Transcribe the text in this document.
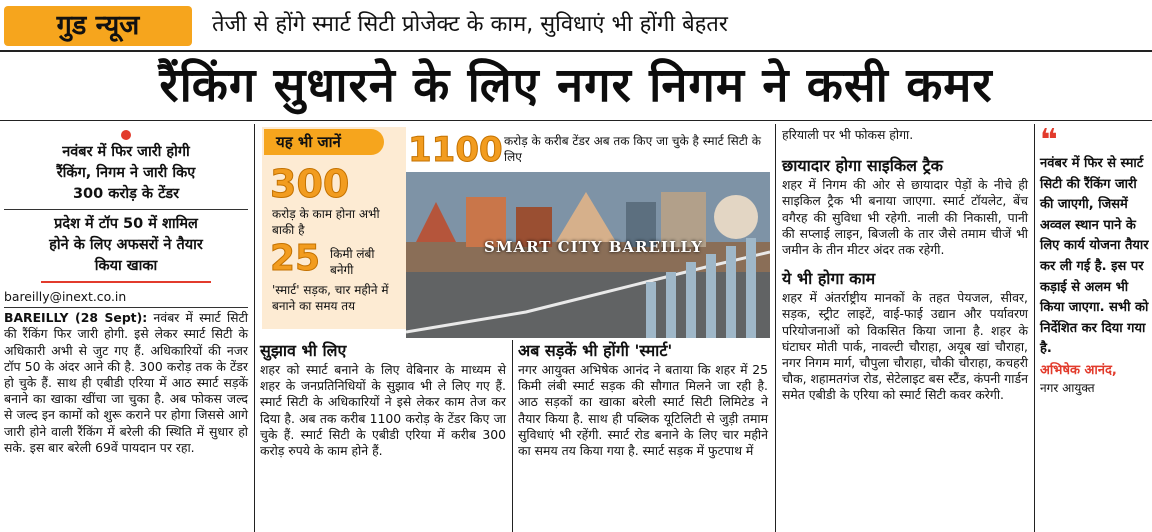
गुड न्यूज	तेजी से होंगे स्मार्ट सिटी प्रोजेक्ट के काम, सुविधाएं भी होंगी बेहतर
रैंकिंग सुधारने के लिए नगर निगम ने कसी कमर
नवंबर में फिर जारी होगी
रैंकिंग, निगम ने जारी किए
300 करोड़ के टेंडर
प्रदेश में टॉप 50 में शामिल
होने के लिए अफसरों ने तैयार
किया खाका
bareilly@inext.co.in
BAREILLY (28 Sept): नवंबर में स्मार्ट सिटी की रैंकिंग फिर जारी होगी. इसे लेकर स्मार्ट सिटी के अधिकारी अभी से जुट गए हैं. अधिकारियों की नजर टॉप 50 के अंदर आने की है. 300 करोड़ तक के टेंडर हो चुके हैं. साथ ही एबीडी एरिया में आठ स्मार्ट सड़कें बनाने का खाका खींचा जा चुका है. अब फोकस जल्द से जल्द इन कामों को शुरू कराने पर होगा जिससे आगे जारी होने वाली रैंकिंग में बरेली की स्थिति में सुधार हो सके. इस बार बरेली 69वें पायदान पर रहा.
यह भी जानें
300
करोड़ के काम होना अभी बाकी है
25 किमी लंबी बनेगी
'स्मार्ट' सड़क, चार महीने में बनाने का समय तय
1100 करोड़ के करीब टेंडर अब तक किए जा चुके है स्मार्ट सिटी के लिए
SMART CITY BAREILLY
सुझाव भी लिए
शहर को स्मार्ट बनाने के लिए वेबिनार के माध्यम से शहर के जनप्रतिनिधियों के सुझाव भी ले लिए गए हैं. स्मार्ट सिटी के अधिकारियों ने इसे लेकर काम तेज कर दिया है. अब तक करीब 1100 करोड़ के टेंडर किए जा चुके हैं. स्मार्ट सिटी के एबीडी एरिया में करीब 300 करोड़ रुपये के काम होने हैं.
अब सड़कें भी होंगी 'स्मार्ट'
नगर आयुक्त अभिषेक आनंद ने बताया कि शहर में 25 किमी लंबी स्मार्ट सड़क की सौगात मिलने जा रही है. आठ सड़कों का खाका बरेली स्मार्ट सिटी लिमिटेड ने तैयार किया है. साथ ही पब्लिक यूटिलिटी से जुड़ी तमाम सुविधाएं भी रहेंगी. स्मार्ट रोड बनाने के लिए चार महीने का समय तय किया गया है. स्मार्ट सड़क में फुटपाथ में
हरियाली पर भी फोकस होगा.
छायादार होगा साइकिल ट्रैक
शहर में निगम की ओर से छायादार पेड़ों के नीचे ही साइकिल ट्रैक भी बनाया जाएगा. स्मार्ट टॉयलेट, बेंच वगैरह की सुविधा भी रहेगी. नाली की निकासी, पानी की सप्लाई लाइन, बिजली के तार जैसे तमाम चीजें भी जमीन के तीन मीटर अंदर तक रहेगी.
ये भी होगा काम
शहर में अंतर्राष्ट्रीय मानकों के तहत पेयजल, सीवर, सड़क, स्ट्रीट लाइटें, वाई-फाई उद्यान और पर्यावरण परियोजनाओं को विकसित किया जाना है. शहर के घंटाघर मोती पार्क, नावल्टी चौराहा, अयूब खां चौराहा, नगर निगम मार्ग, चौपुला चौराहा, चौकी चौराहा, कचहरी चौक, शहामतगंज रोड, सेटेलाइट बस स्टैंड, कंपनी गार्डन समेत एबीडी के एरिया को स्मार्ट सिटी कवर करेगी.
❝
नवंबर में फिर से स्मार्ट सिटी की रैंकिंग जारी की जाएगी, जिसमें अव्वल स्थान पाने के लिए कार्य योजना तैयार कर ली गई है. इस पर कड़ाई से अलम भी किया जाएगा. सभी को निर्देशित कर दिया गया है.
अभिषेक आनंद,
नगर आयुक्त
